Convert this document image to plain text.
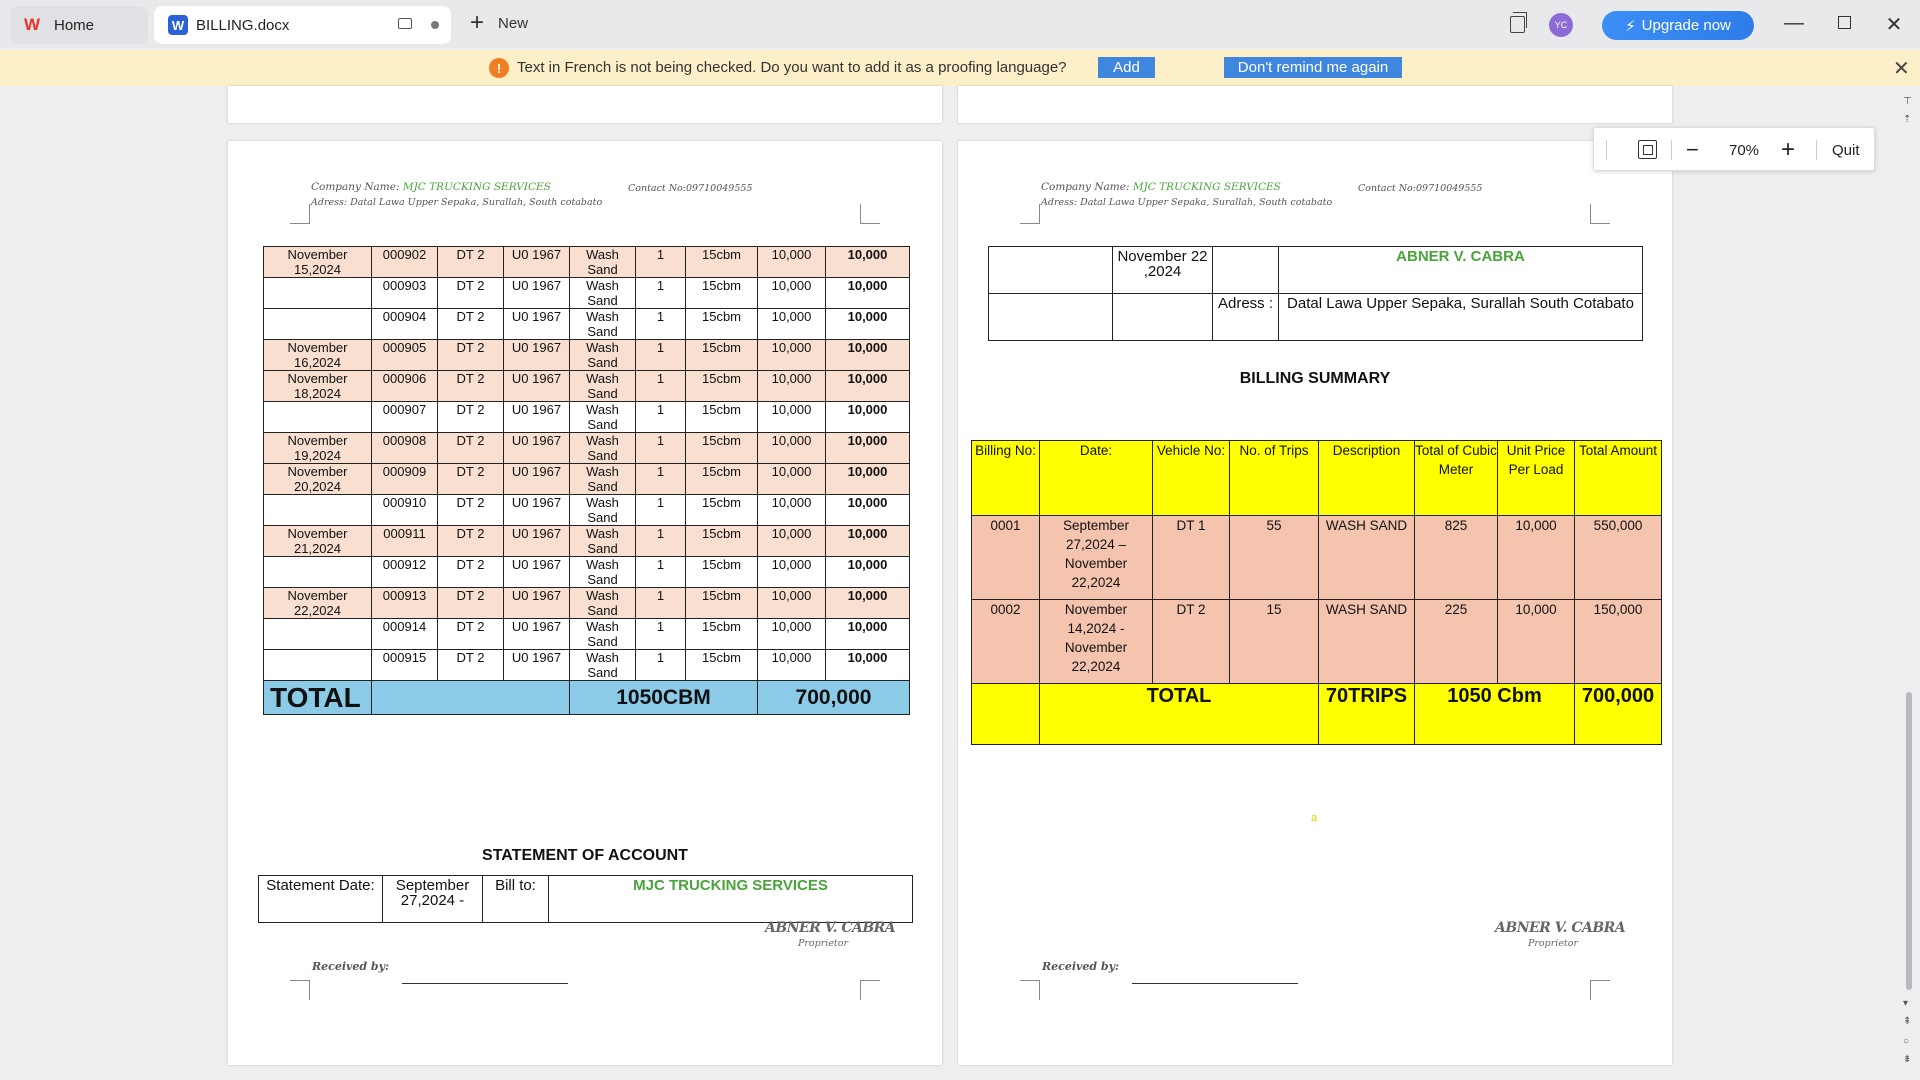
W Home	W BILLING.docx	+ New	YC	⚡ Upgrade now	—	✕
!	Text in French is not being checked. Do you want to add it as a proofing language?	Add	Don't remind me again	✕
Company Name: MJC TRUCKING SERVICES
Adress: Datal Lawa Upper Sepaka, Surallah, South cotabato
Contact No:09710049555
November 15,2024	000902	DT 2	U0 1967	Wash Sand	1	15cbm	10,000	10,000
	000903	DT 2	U0 1967	Wash Sand	1	15cbm	10,000	10,000
	000904	DT 2	U0 1967	Wash Sand	1	15cbm	10,000	10,000
November 16,2024	000905	DT 2	U0 1967	Wash Sand	1	15cbm	10,000	10,000
November 18,2024	000906	DT 2	U0 1967	Wash Sand	1	15cbm	10,000	10,000
	000907	DT 2	U0 1967	Wash Sand	1	15cbm	10,000	10,000
November 19,2024	000908	DT 2	U0 1967	Wash Sand	1	15cbm	10,000	10,000
November 20,2024	000909	DT 2	U0 1967	Wash Sand	1	15cbm	10,000	10,000
	000910	DT 2	U0 1967	Wash Sand	1	15cbm	10,000	10,000
November 21,2024	000911	DT 2	U0 1967	Wash Sand	1	15cbm	10,000	10,000
	000912	DT 2	U0 1967	Wash Sand	1	15cbm	10,000	10,000
November 22,2024	000913	DT 2	U0 1967	Wash Sand	1	15cbm	10,000	10,000
	000914	DT 2	U0 1967	Wash Sand	1	15cbm	10,000	10,000
	000915	DT 2	U0 1967	Wash Sand	1	15cbm	10,000	10,000
TOTAL				1050CBM			700,000	
STATEMENT OF ACCOUNT
Statement Date:	September 27,2024 -	Bill to:	MJC TRUCKING SERVICES
ABNER V. CABRA
Proprietor
Received by:
Company Name: MJC TRUCKING SERVICES
Adress: Datal Lawa Upper Sepaka, Surallah, South cotabato
Contact No:09710049555
	November 22 ,2024		ABNER V. CABRA
		Adress :	Datal Lawa Upper Sepaka, Surallah South Cotabato
BILLING SUMMARY
Billing No:	Date:	Vehicle No:	No. of Trips	Description	Total of Cubic Meter	Unit Price Per Load	Total Amount
0001	September 27,2024 – November 22,2024	DT 1	55	WASH SAND	825	10,000	550,000
0002	November 14,2024 - November 22,2024	DT 2	15	WASH SAND	225	10,000	150,000
	TOTAL			70TRIPS	1050 Cbm		700,000
a
ABNER V. CABRA
Proprietor
Received by:
− 70% + Quit
⊤
⇡
▾
⇞
○
⇟
